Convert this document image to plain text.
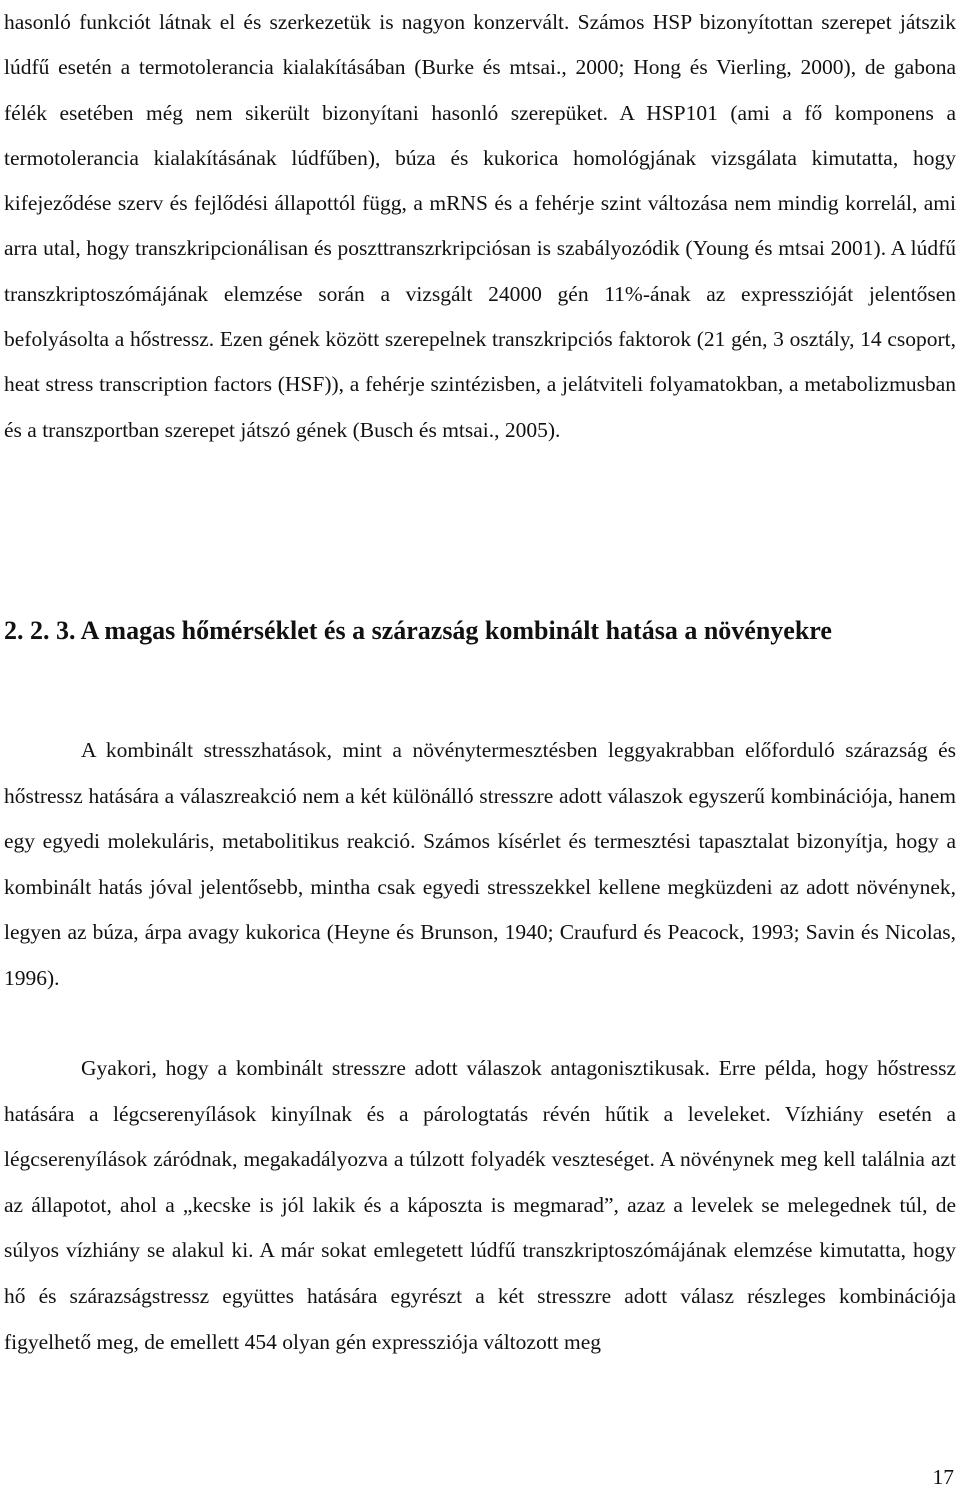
hasonló funkciót látnak el és szerkezetük is nagyon konzervált. Számos HSP bizonyítottan szerepet játszik lúdfű esetén a termotolerancia kialakításában (Burke és mtsai., 2000; Hong és Vierling, 2000), de gabona félék esetében még nem sikerült bizonyítani hasonló szerepüket. A HSP101 (ami a fő komponens a termotolerancia kialakításának lúdfűben), búza és kukorica homológjának vizsgálata kimutatta, hogy kifejeződése szerv és fejlődési állapottól függ, a mRNS és a fehérje szint változása nem mindig korrelál, ami arra utal, hogy transzkripcionálisan és poszttranszrkripciósan is szabályozódik (Young és mtsai 2001). A lúdfű transzkriptoszómájának elemzése során a vizsgált 24000 gén 11%-ának az expresszióját jelentősen befolyásolta a hőstressz. Ezen gének között szerepelnek transzkripciós faktorok (21 gén, 3 osztály, 14 csoport, heat stress transcription factors (HSF)), a fehérje szintézisben, a jelátviteli folyamatokban, a metabolizmusban és a transzportban szerepet játszó gének (Busch és mtsai., 2005).

2. 2. 3. A magas hőmérséklet és a szárazság kombinált hatása a növényekre

A kombinált stresszhatások, mint a növénytermesztésben leggyakrabban előforduló szárazság és hőstressz hatására a válaszreakció nem a két különálló stresszre adott válaszok egyszerű kombinációja, hanem egy egyedi molekuláris, metabolitikus reakció. Számos kísérlet és termesztési tapasztalat bizonyítja, hogy a kombinált hatás jóval jelentősebb, mintha csak egyedi stresszekkel kellene megküzdeni az adott növénynek, legyen az búza, árpa avagy kukorica (Heyne és Brunson, 1940; Craufurd és Peacock, 1993; Savin és Nicolas, 1996).

Gyakori, hogy a kombinált stresszre adott válaszok antagonisztikusak. Erre példa, hogy hőstressz hatására a légcserenyílások kinyílnak és a párologtatás révén hűtik a leveleket. Vízhiány esetén a légcserenyílások záródnak, megakadályozva a túlzott folyadék veszteséget. A növénynek meg kell találnia azt az állapotot, ahol a „kecske is jól lakik és a káposzta is megmarad”, azaz a levelek se melegednek túl, de súlyos vízhiány se alakul ki. A már sokat emlegetett lúdfű transzkriptoszómájának elemzése kimutatta, hogy hő és szárazságstressz együttes hatására egyrészt a két stresszre adott válasz részleges kombinációja figyelhető meg, de emellett 454 olyan gén expressziója változott meg

17
